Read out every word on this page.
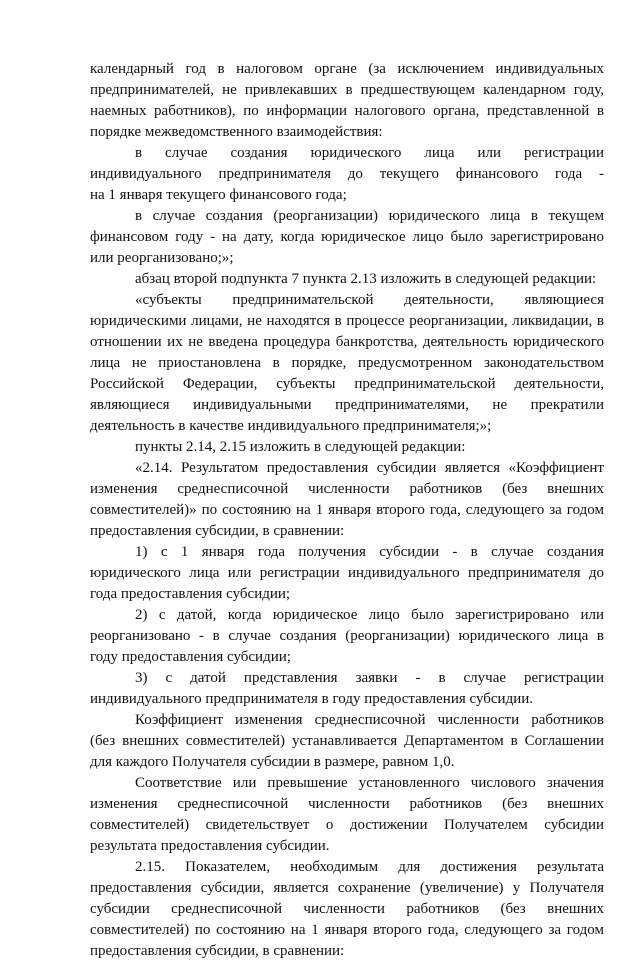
календарный год в налоговом органе (за исключением индивидуальных
предпринимателей, не привлекавших в предшествующем календарном году,
наемных работников), по информации налогового органа, представленной в
порядке межведомственного взаимодействия:
в случае создания юридического лица или регистрации
индивидуального предпринимателя до текущего финансового года -
на 1 января текущего финансового года;
в случае создания (реорганизации) юридического лица в текущем
финансовом году - на дату, когда юридическое лицо было зарегистрировано
или реорганизовано;»;
абзац второй подпункта 7 пункта 2.13 изложить в следующей редакции:
«субъекты предпринимательской деятельности, являющиеся
юридическими лицами, не находятся в процессе реорганизации, ликвидации, в
отношении их не введена процедура банкротства, деятельность юридического
лица не приостановлена в порядке, предусмотренном законодательством
Российской Федерации, субъекты предпринимательской деятельности,
являющиеся индивидуальными предпринимателями, не прекратили
деятельность в качестве индивидуального предпринимателя;»;
пункты 2.14, 2.15 изложить в следующей редакции:
«2.14. Результатом предоставления субсидии является «Коэффициент
изменения среднесписочной численности работников (без внешних
совместителей)» по состоянию на 1 января второго года, следующего за годом
предоставления субсидии, в сравнении:
1) с 1 января года получения субсидии - в случае создания
юридического лица или регистрации индивидуального предпринимателя до
года предоставления субсидии;
2) с датой, когда юридическое лицо было зарегистрировано или
реорганизовано - в случае создания (реорганизации) юридического лица в
году предоставления субсидии;
3) с датой представления заявки - в случае регистрации
индивидуального предпринимателя в году предоставления субсидии.
Коэффициент изменения среднесписочной численности работников
(без внешних совместителей) устанавливается Департаментом в Соглашении
для каждого Получателя субсидии в размере, равном 1,0.
Соответствие или превышение установленного числового значения
изменения среднесписочной численности работников (без внешних
совместителей) свидетельствует о достижении Получателем субсидии
результата предоставления субсидии.
2.15. Показателем, необходимым для достижения результата
предоставления субсидии, является сохранение (увеличение) у Получателя
субсидии среднесписочной численности работников (без внешних
совместителей) по состоянию на 1 января второго года, следующего за годом
предоставления субсидии, в сравнении:
